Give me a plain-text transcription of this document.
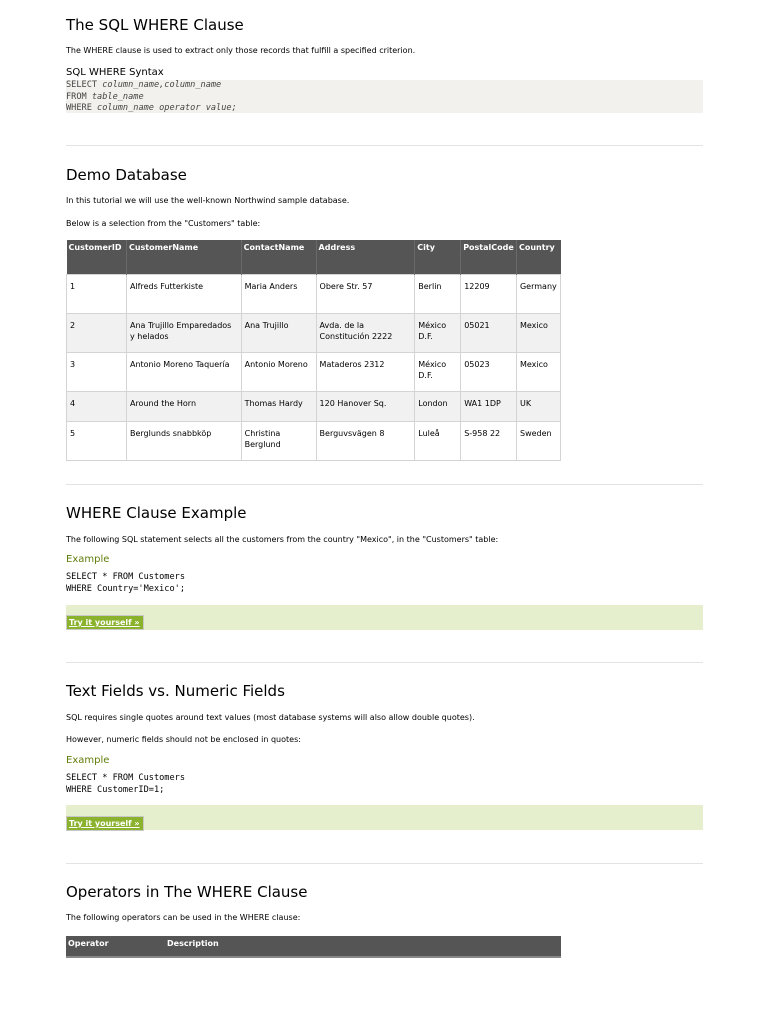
The SQL WHERE Clause

The WHERE clause is used to extract only those records that fulfill a specified criterion.

SQL WHERE Syntax
SELECT column_name,column_name
FROM table_name
WHERE column_name operator value;
Demo Database

In this tutorial we will use the well-known Northwind sample database.

Below is a selection from the "Customers" table:

CustomerID	CustomerName	ContactName	Address	City	PostalCode	Country
1	Alfreds Futterkiste	Maria Anders	Obere Str. 57	Berlin	12209	Germany
2	Ana Trujillo Emparedados y helados	Ana Trujillo	Avda. de la Constitución 2222	México D.F.	05021	Mexico
3	Antonio Moreno Taquería	Antonio Moreno	Mataderos 2312	México D.F.	05023	Mexico
4	Around the Horn	Thomas Hardy	120 Hanover Sq.	London	WA1 1DP	UK
5	Berglunds snabbköp	Christina Berglund	Berguvsvägen 8	Luleå	S-958 22	Sweden
WHERE Clause Example

The following SQL statement selects all the customers from the country "Mexico", in the "Customers" table:

Example
SELECT * FROM Customers
WHERE Country='Mexico';
Try it yourself »
Text Fields vs. Numeric Fields

SQL requires single quotes around text values (most database systems will also allow double quotes).

However, numeric fields should not be enclosed in quotes:

Example
SELECT * FROM Customers
WHERE CustomerID=1;
Try it yourself »
Operators in The WHERE Clause

The following operators can be used in the WHERE clause:

Operator	Description
